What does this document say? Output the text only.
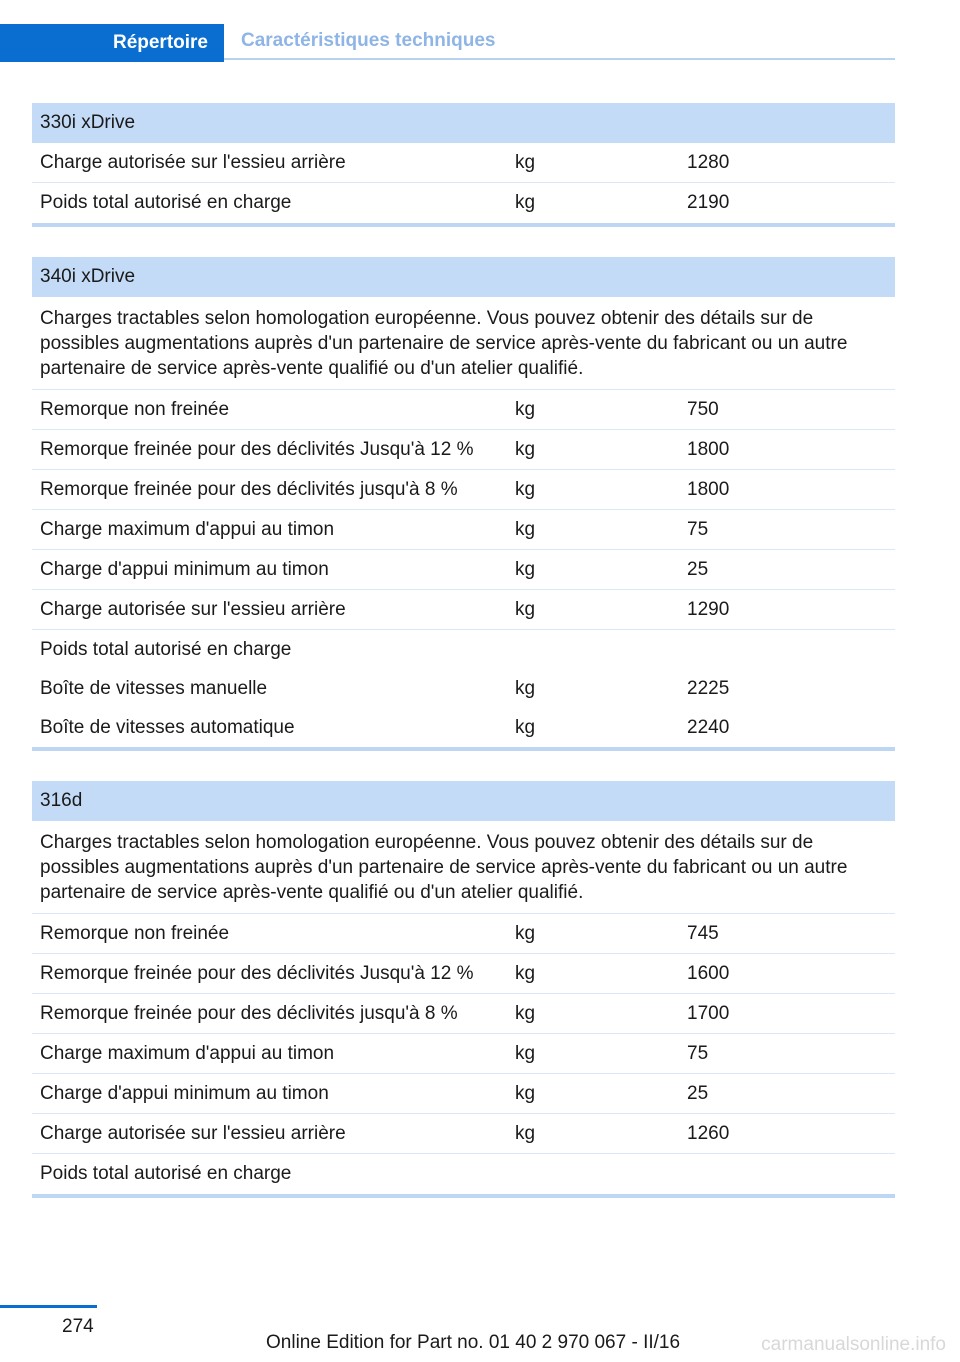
Répertoire	Caractéristiques techniques
330i xDrive
Charge autorisée sur l'essieu arrière	kg	1280
Poids total autorisé en charge	kg	2190
340i xDrive
Charges tractables selon homologation européenne. Vous pouvez obtenir des détails sur de possibles augmentations auprès d'un partenaire de service après-vente du fabricant ou un autre partenaire de service après-vente qualifié ou d'un atelier qualifié.
Remorque non freinée	kg	750
Remorque freinée pour des déclivités Jusqu'à 12 %	kg	1800
Remorque freinée pour des déclivités jusqu'à 8 %	kg	1800
Charge maximum d'appui au timon	kg	75
Charge d'appui minimum au timon	kg	25
Charge autorisée sur l'essieu arrière	kg	1290
Poids total autorisé en charge
Boîte de vitesses manuelle	kg	2225
Boîte de vitesses automatique	kg	2240
316d
Charges tractables selon homologation européenne. Vous pouvez obtenir des détails sur de possibles augmentations auprès d'un partenaire de service après-vente du fabricant ou un autre partenaire de service après-vente qualifié ou d'un atelier qualifié.
Remorque non freinée	kg	745
Remorque freinée pour des déclivités Jusqu'à 12 %	kg	1600
Remorque freinée pour des déclivités jusqu'à 8 %	kg	1700
Charge maximum d'appui au timon	kg	75
Charge d'appui minimum au timon	kg	25
Charge autorisée sur l'essieu arrière	kg	1260
Poids total autorisé en charge
274
Online Edition for Part no. 01 40 2 970 067 - II/16	carmanualsonline.info
